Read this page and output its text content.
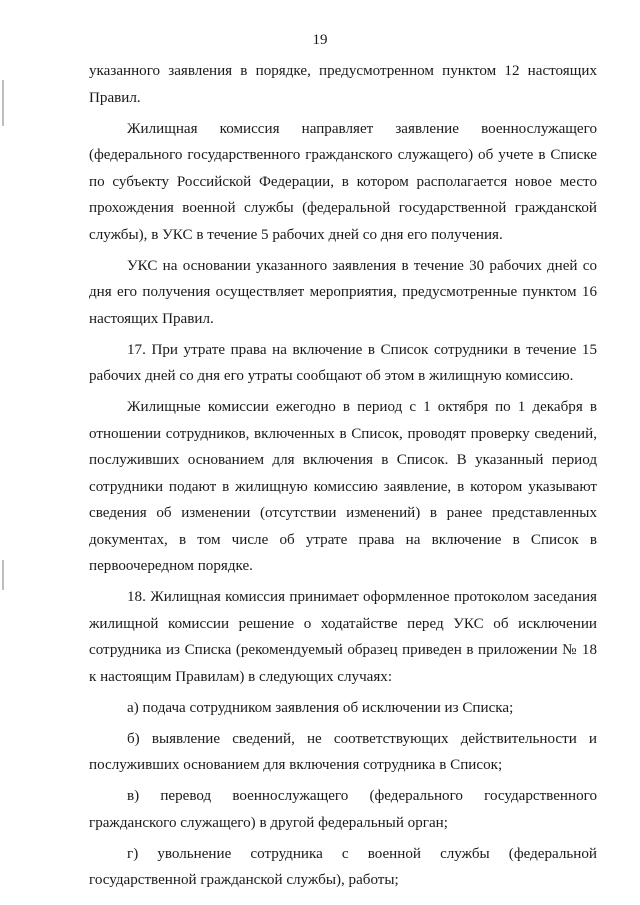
19

указанного заявления в порядке, предусмотренном пунктом 12 настоящих Правил.

Жилищная комиссия направляет заявление военнослужащего (федерального государственного гражданского служащего) об учете в Списке по субъекту Российской Федерации, в котором располагается новое место прохождения военной службы (федеральной государственной гражданской службы), в УКС в течение 5 рабочих дней со дня его получения.

УКС на основании указанного заявления в течение 30 рабочих дней со дня его получения осуществляет мероприятия, предусмотренные пунктом 16 настоящих Правил.

17. При утрате права на включение в Список сотрудники в течение 15 рабочих дней со дня его утраты сообщают об этом в жилищную комиссию.

Жилищные комиссии ежегодно в период с 1 октября по 1 декабря в отношении сотрудников, включенных в Список, проводят проверку сведений, послуживших основанием для включения в Список. В указанный период сотрудники подают в жилищную комиссию заявление, в котором указывают сведения об изменении (отсутствии изменений) в ранее представленных документах, в том числе об утрате права на включение в Список в первоочередном порядке.

18. Жилищная комиссия принимает оформленное протоколом заседания жилищной комиссии решение о ходатайстве перед УКС об исключении сотрудника из Списка (рекомендуемый образец приведен в приложении № 18 к настоящим Правилам) в следующих случаях:

а) подача сотрудником заявления об исключении из Списка;

б) выявление сведений, не соответствующих действительности и послуживших основанием для включения сотрудника в Список;

в) перевод военнослужащего (федерального государственного гражданского служащего) в другой федеральный орган;

г) увольнение сотрудника с военной службы (федеральной государственной гражданской службы), работы;
